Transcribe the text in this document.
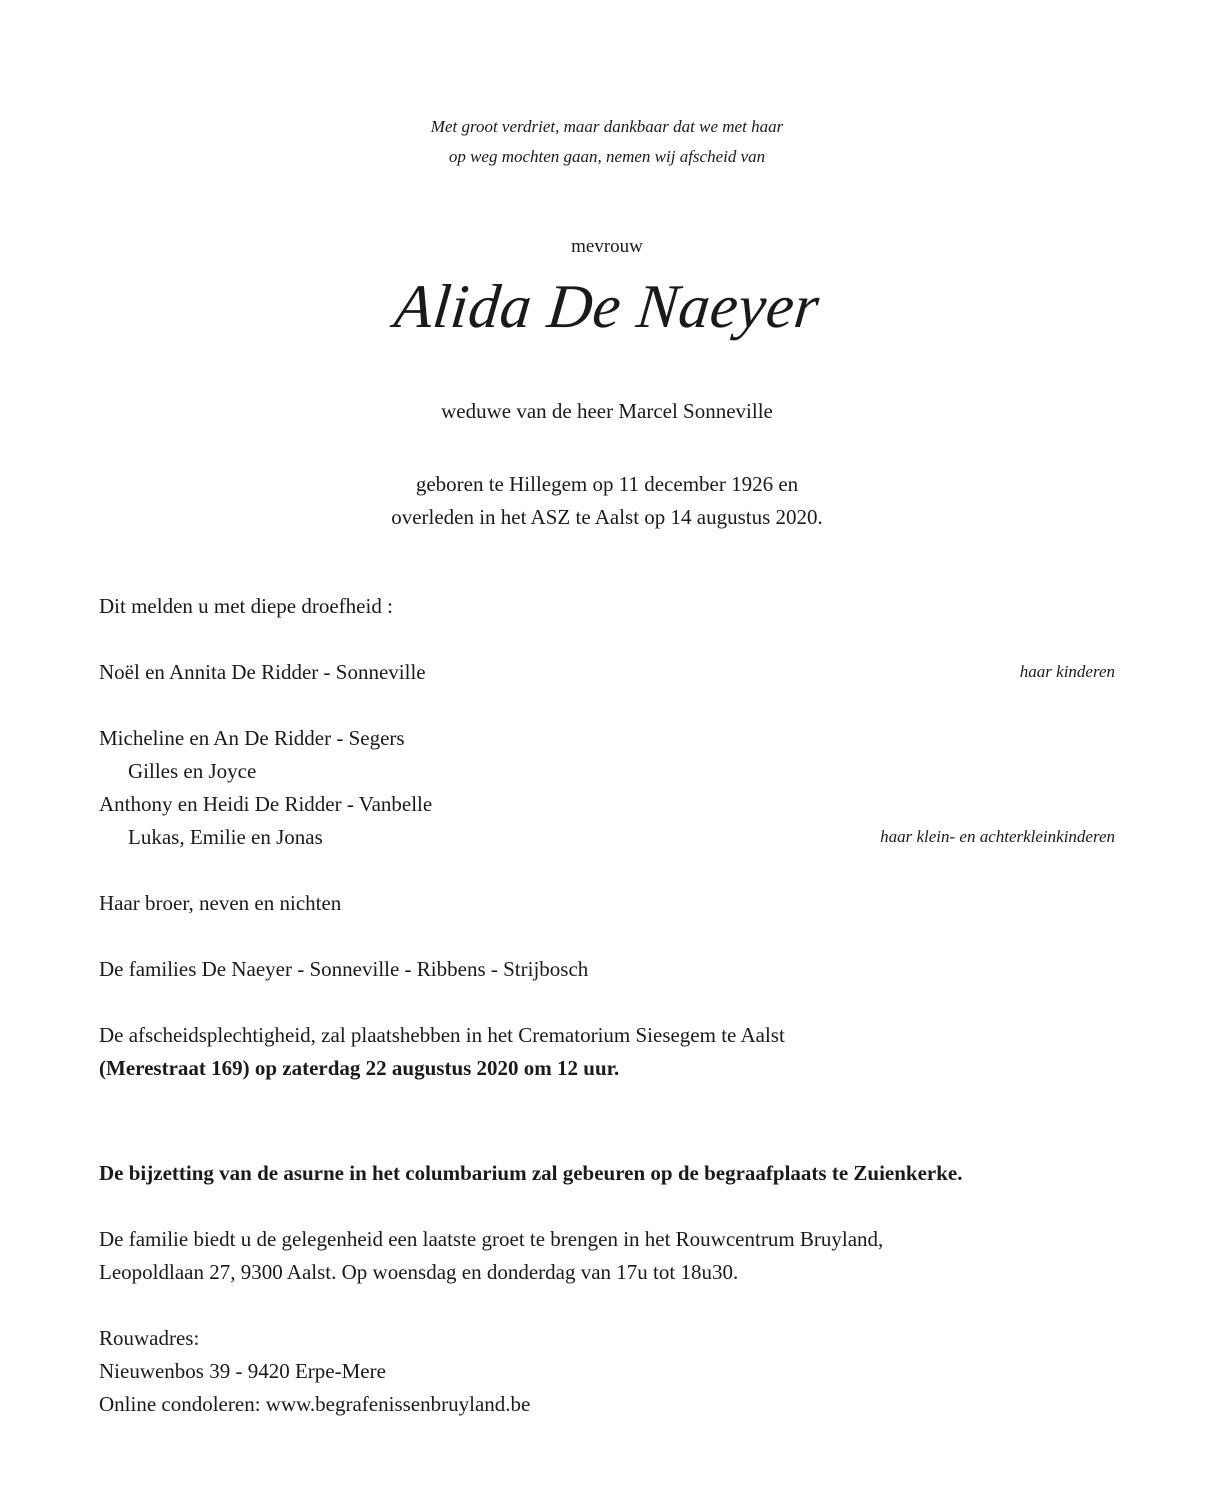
Met groot verdriet, maar dankbaar dat we met haar
op weg mochten gaan, nemen wij afscheid van
mevrouw
Alida De Naeyer
weduwe van de heer Marcel Sonneville
geboren te Hillegem op 11 december 1926 en
overleden in het ASZ te Aalst op 14 augustus 2020.
Dit melden u met diepe droefheid :
Noël en Annita De Ridder - Sonneville	haar kinderen
Micheline en An De Ridder - Segers
Gilles en Joyce
Anthony en Heidi De Ridder - Vanbelle
Lukas, Emilie en Jonas	haar klein- en achterkleinkinderen
Haar broer, neven en nichten
De families De Naeyer - Sonneville - Ribbens - Strijbosch
De afscheidsplechtigheid, zal plaatshebben in het Crematorium Siesegem te Aalst
(Merestraat 169) op zaterdag 22 augustus 2020 om 12 uur.
De bijzetting van de asurne in het columbarium zal gebeuren op de begraafplaats te Zuienkerke.
De familie biedt u de gelegenheid een laatste groet te brengen in het Rouwcentrum Bruyland,
Leopoldlaan 27, 9300 Aalst. Op woensdag en donderdag van 17u tot 18u30.
Rouwadres:
Nieuwenbos 39 - 9420 Erpe-Mere
Online condoleren: www.begrafenissenbruyland.be
